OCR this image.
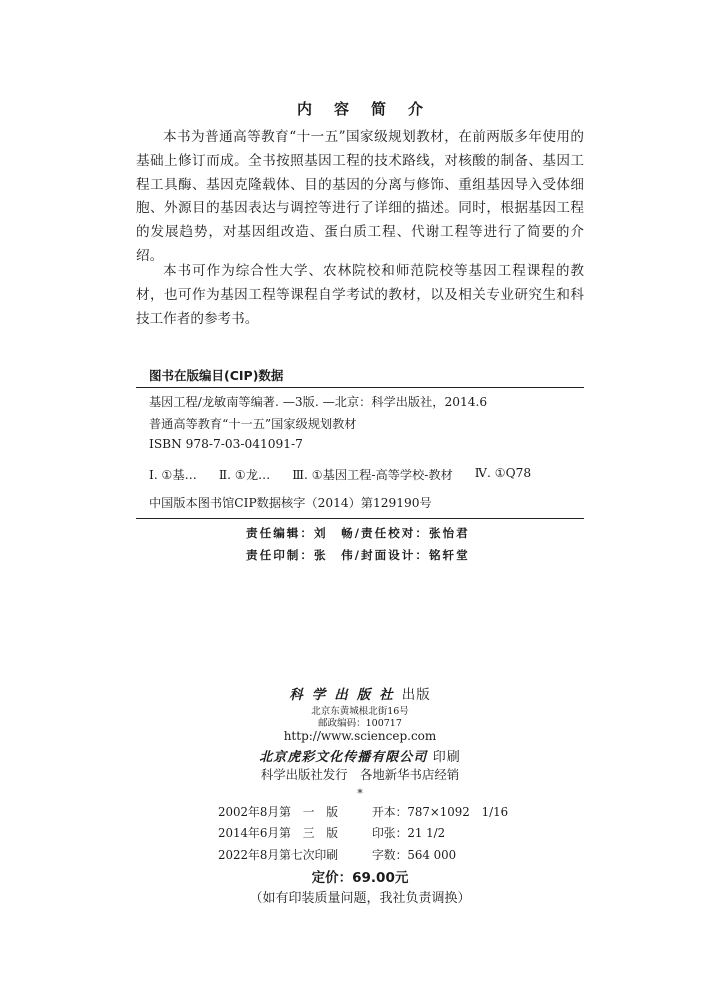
内容简介

本书为普通高等教育“十一五”国家级规划教材，在前两版多年使用的基础上修订而成。全书按照基因工程的技术路线，对核酸的制备、基因工程工具酶、基因克隆载体、目的基因的分离与修饰、重组基因导入受体细胞、外源目的基因表达与调控等进行了详细的描述。同时，根据基因工程的发展趋势，对基因组改造、蛋白质工程、代谢工程等进行了简要的介绍。

本书可作为综合性大学、农林院校和师范院校等基因工程课程的教材，也可作为基因工程等课程自学考试的教材，以及相关专业研究生和科技工作者的参考书。

图书在版编目(CIP)数据
基因工程/龙敏南等编著. —3版. —北京：科学出版社，2014.6
普通高等教育“十一五”国家级规划教材
ISBN 978-7-03-041091-7
Ⅰ. ①基… Ⅱ. ①龙… Ⅲ. ①基因工程-高等学校-教材 Ⅳ. ①Q78
中国版本图书馆CIP数据核字（2014）第129190号
责任编辑：刘　畅/责任校对：张怡君
责任印制：张　伟/封面设计：铭轩堂
科学出版社出版
北京东黄城根北街16号
邮政编码：100717
http://www.sciencep.com
北京虎彩文化传播有限公司 印刷
科学出版社发行　各地新华书店经销
*
2002年8月第　一　版	开本：787×1092　1/16
2014年6月第　三　版	印张：21 1/2
2022年8月第七次印刷	字数：564 000
定价：69.00元
（如有印装质量问题，我社负责调换）
